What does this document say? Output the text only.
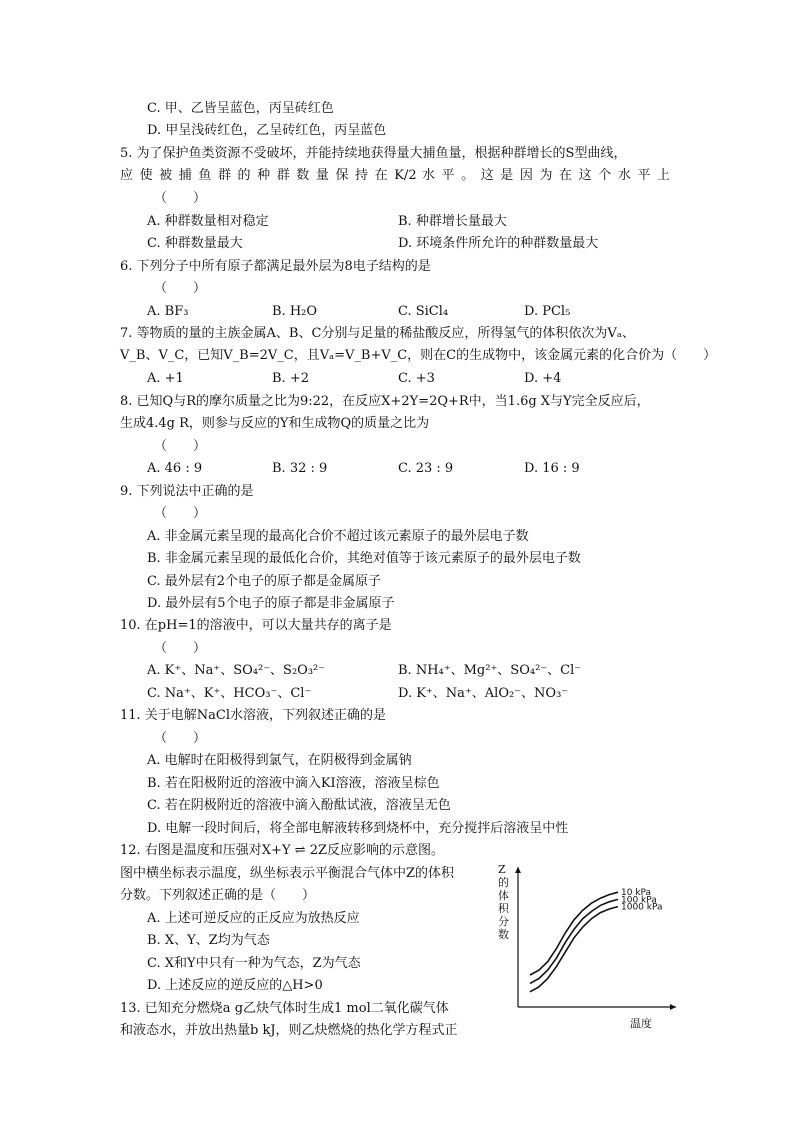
C. 甲、乙皆呈蓝色，丙呈砖红色
D. 甲呈浅砖红色，乙呈砖红色，丙呈蓝色
5. 为了保护鱼类资源不受破坏，并能持续地获得量大捕鱼量，根据种群增长的S型曲线，
应 使 被 捕 鱼 群 的 种 群 数 量 保 持 在 K/2 水 平 。 这 是 因 为 在 这 个 水 平 上
（　　）
A. 种群数量相对稳定	B. 种群增长量最大
C. 种群数量最大	D. 环境条件所允许的种群数量最大
6. 下列分子中所有原子都满足最外层为8电子结构的是
（　　）
A. BF₃	B. H₂O	C. SiCl₄	D. PCl₅
7. 等物质的量的主族金属A、B、C分别与足量的稀盐酸反应，所得氢气的体积依次为Vₐ、
V_B、V_C，已知V_B=2V_C，且Vₐ=V_B+V_C，则在C的生成物中，该金属元素的化合价为（　　）
A. +1	B. +2	C. +3	D. +4
8. 已知Q与R的摩尔质量之比为9:22，在反应X+2Y=2Q+R中，当1.6g X与Y完全反应后，
生成4.4g R，则参与反应的Y和生成物Q的质量之比为
（　　）
A. 46 : 9	B. 32 : 9	C. 23 : 9	D. 16 : 9
9. 下列说法中正确的是
（　　）
A. 非金属元素呈现的最高化合价不超过该元素原子的最外层电子数
B. 非金属元素呈现的最低化合价，其绝对值等于该元素原子的最外层电子数
C. 最外层有2个电子的原子都是金属原子
D. 最外层有5个电子的原子都是非金属原子
10. 在pH=1的溶液中，可以大量共存的离子是
（　　）
A. K⁺、Na⁺、SO₄²⁻、S₂O₃²⁻	B. NH₄⁺、Mg²⁺、SO₄²⁻、Cl⁻
C. Na⁺、K⁺、HCO₃⁻、Cl⁻	D. K⁺、Na⁺、AlO₂⁻、NO₃⁻
11. 关于电解NaCl水溶液，下列叙述正确的是
（　　）
A. 电解时在阳极得到氯气，在阴极得到金属钠
B. 若在阳极附近的溶液中滴入KI溶液，溶液呈棕色
C. 若在阴极附近的溶液中滴入酚酞试液，溶液呈无色
D. 电解一段时间后，将全部电解液转移到烧杯中，充分搅拌后溶液呈中性
12. 右图是温度和压强对X+Y ⇌ 2Z反应影响的示意图。
图中横坐标表示温度，纵坐标表示平衡混合气体中Z的体积
分数。下列叙述正确的是（　　）
A. 上述可逆反应的正反应为放热反应
B. X、Y、Z均为气态
C. X和Y中只有一种为气态，Z为气态
D. 上述反应的逆反应的△H>0
13. 已知充分燃烧a g乙炔气体时生成1 mol二氧化碳气体
和液态水，并放出热量b kJ，则乙炔燃烧的热化学方程式正
10 kPa
100 kPa
1000 kPa
Z 的体积分数
温度
